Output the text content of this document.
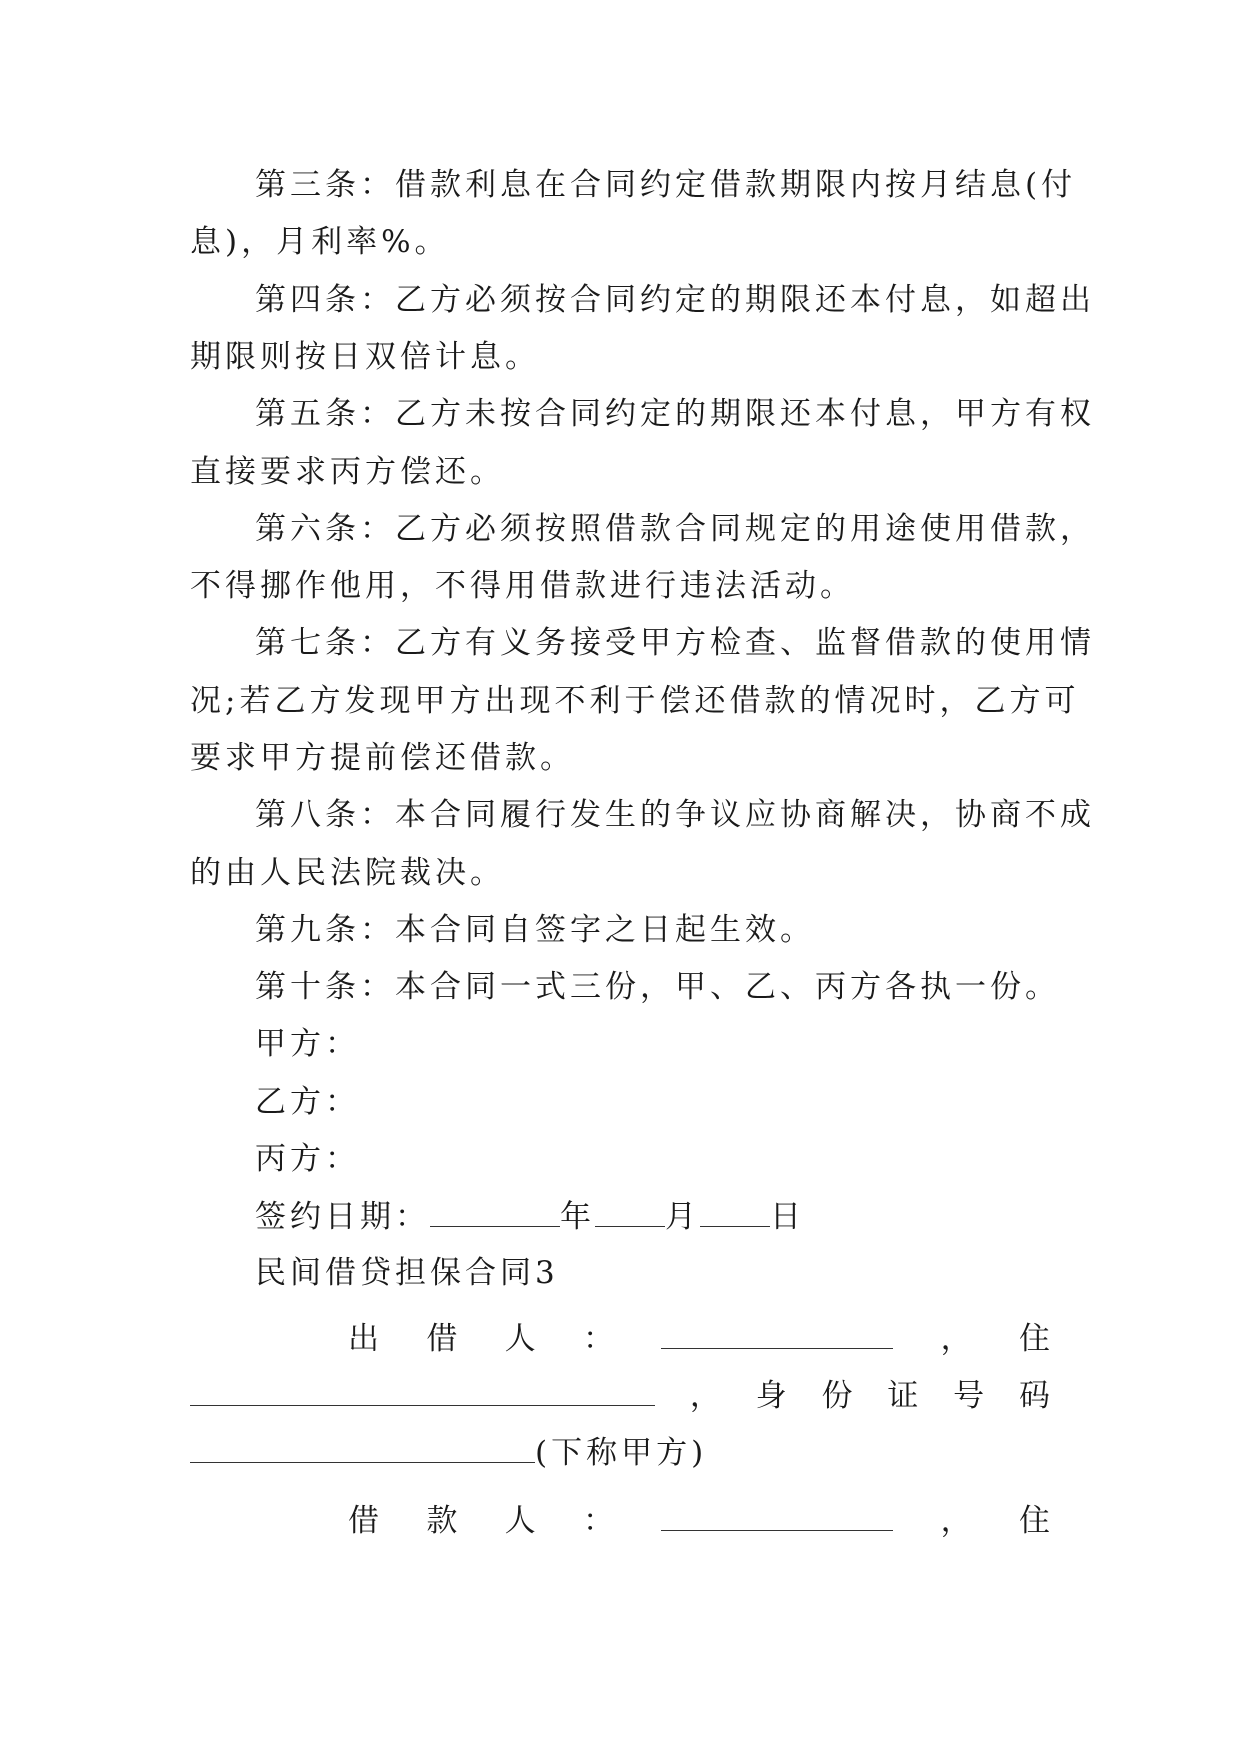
第三条：借款利息在合同约定借款期限内按月结息(付
息)，月利率%。
第四条：乙方必须按合同约定的期限还本付息，如超出
期限则按日双倍计息。
第五条：乙方未按合同约定的期限还本付息，甲方有权
直接要求丙方偿还。
第六条：乙方必须按照借款合同规定的用途使用借款，
不得挪作他用，不得用借款进行违法活动。
第七条：乙方有义务接受甲方检查、监督借款的使用情
况;若乙方发现甲方出现不利于偿还借款的情况时，乙方可
要求甲方提前偿还借款。
第八条：本合同履行发生的争议应协商解决，协商不成
的由人民法院裁决。
第九条：本合同自签字之日起生效。
第十条：本合同一式三份，甲、乙、丙方各执一份。
甲方：
乙方：
丙方：
签约日期：	年 月 日
民间借贷担保合同3
出 借 人 ：	， 住
， 身 份 证 号 码
(下称甲方)
借 款 人 ：	， 住
